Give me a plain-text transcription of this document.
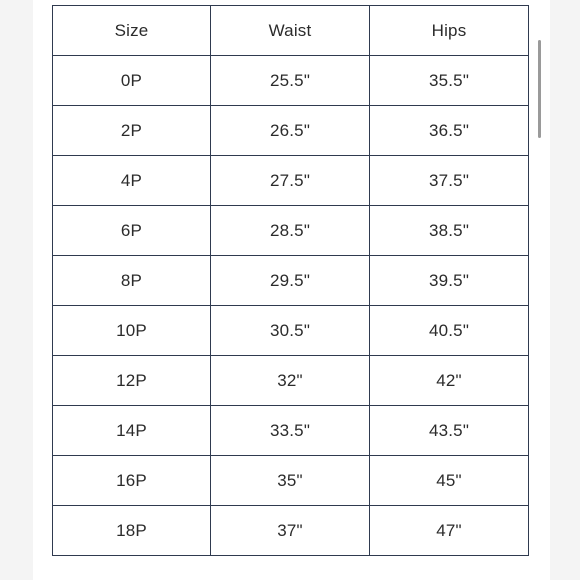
Size	Waist	Hips
0P	25.5"	35.5"
2P	26.5"	36.5"
4P	27.5"	37.5"
6P	28.5"	38.5"
8P	29.5"	39.5"
10P	30.5"	40.5"
12P	32"	42"
14P	33.5"	43.5"
16P	35"	45"
18P	37"	47"
